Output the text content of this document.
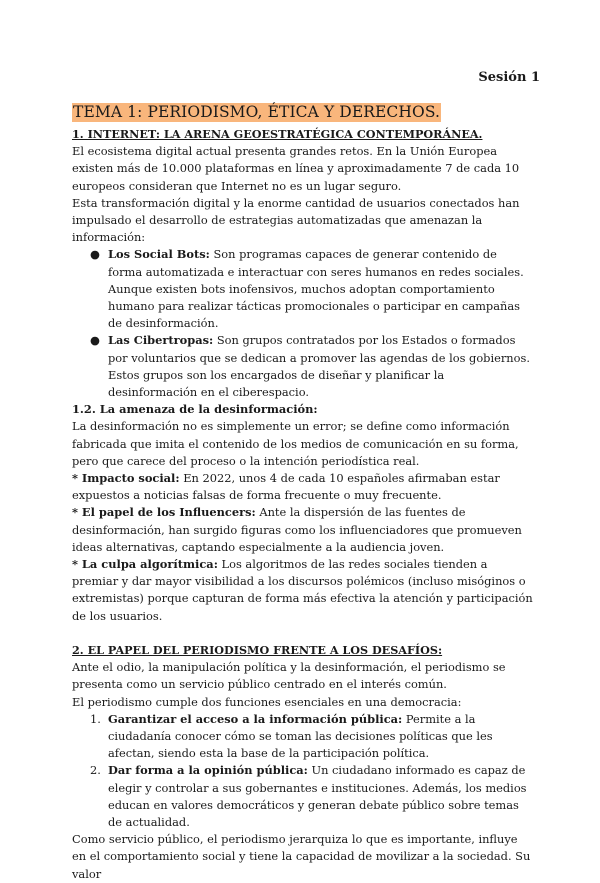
Sesión 1
TEMA 1: PERIODISMO, ÉTICA Y DERECHOS.

1. INTERNET: LA ARENA GEOESTRATÉGICA CONTEMPORÁNEA.

El ecosistema digital actual presenta grandes retos. En la Unión Europea existen más de 10.000 plataformas en línea y aproximadamente 7 de cada 10 europeos consideran que Internet no es un lugar seguro.

Esta transformación digital y la enorme cantidad de usuarios conectados han impulsado el desarrollo de estrategias automatizadas que amenazan la información:

● Los Social Bots: Son programas capaces de generar contenido de forma automatizada e interactuar con seres humanos en redes sociales. Aunque existen bots inofensivos, muchos adoptan comportamiento humano para realizar tácticas promocionales o participar en campañas de desinformación.
● Las Cibertropas: Son grupos contratados por los Estados o formados por voluntarios que se dedican a promover las agendas de los gobiernos. Estos grupos son los encargados de diseñar y planificar la desinformación en el ciberespacio.

1.2. La amenaza de la desinformación:

La desinformación no es simplemente un error; se define como información fabricada que imita el contenido de los medios de comunicación en su forma, pero que carece del proceso o la intención periodística real.

* Impacto social: En 2022, unos 4 de cada 10 españoles afirmaban estar expuestos a noticias falsas de forma frecuente o muy frecuente.

* El papel de los Influencers: Ante la dispersión de las fuentes de desinformación, han surgido figuras como los influenciadores que promueven ideas alternativas, captando especialmente a la audiencia joven.

* La culpa algorítmica: Los algoritmos de las redes sociales tienden a premiar y dar mayor visibilidad a los discursos polémicos (incluso misóginos o extremistas) porque capturan de forma más efectiva la atención y participación de los usuarios.

2. EL PAPEL DEL PERIODISMO FRENTE A LOS DESAFÍOS:

Ante el odio, la manipulación política y la desinformación, el periodismo se presenta como un servicio público centrado en el interés común.

El periodismo cumple dos funciones esenciales en una democracia:

1. Garantizar el acceso a la información pública: Permite a la ciudadanía conocer cómo se toman las decisiones políticas que les afectan, siendo esta la base de la participación política.
2. Dar forma a la opinión pública: Un ciudadano informado es capaz de elegir y controlar a sus gobernantes e instituciones. Además, los medios educan en valores democráticos y generan debate público sobre temas de actualidad.

Como servicio público, el periodismo jerarquiza lo que es importante, influye en el comportamiento social y tiene la capacidad de movilizar a la sociedad. Su valor
